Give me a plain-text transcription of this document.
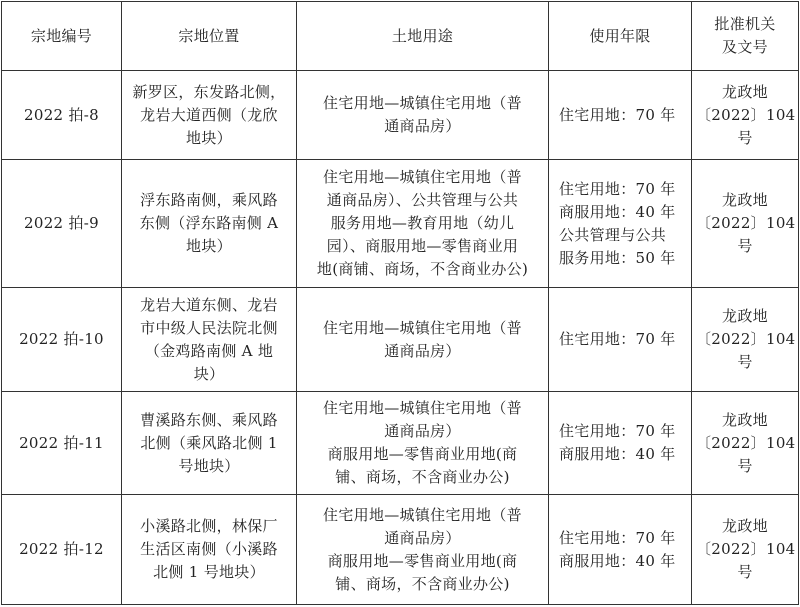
宗地编号	宗地位置	土地用途	使用年限	批准机关
及文号

2022 拍-8	新罗区，东发路北侧，
龙岩大道西侧（龙欣
地块）	住宅用地—城镇住宅用地（普
通商品房）	住宅用地：70 年	龙政地
〔2022〕104
号

2022 拍-9	浮东路南侧，乘风路
东侧（浮东路南侧 A
地块）	住宅用地—城镇住宅用地（普
通商品房）、公共管理与公共
服务用地—教育用地（幼儿
园）、商服用地—零售商业用
地(商铺、商场，不含商业办公)	住宅用地：70 年
商服用地：40 年
公共管理与公共
服务用地：50 年	龙政地
〔2022〕104
号

2022 拍-10	龙岩大道东侧、龙岩
市中级人民法院北侧
（金鸡路南侧 A 地
块）	住宅用地—城镇住宅用地（普
通商品房）	住宅用地：70 年	龙政地
〔2022〕104
号

2022 拍-11	曹溪路东侧、乘风路
北侧（乘风路北侧 1
号地块）	住宅用地—城镇住宅用地（普
通商品房）
商服用地—零售商业用地(商
铺、商场，不含商业办公)	住宅用地：70 年
商服用地：40 年	龙政地
〔2022〕104
号

2022 拍-12	小溪路北侧，林保厂
生活区南侧（小溪路
北侧 1 号地块）	住宅用地—城镇住宅用地（普
通商品房）
商服用地—零售商业用地(商
铺、商场，不含商业办公)	住宅用地：70 年
商服用地：40 年	龙政地
〔2022〕104
号
